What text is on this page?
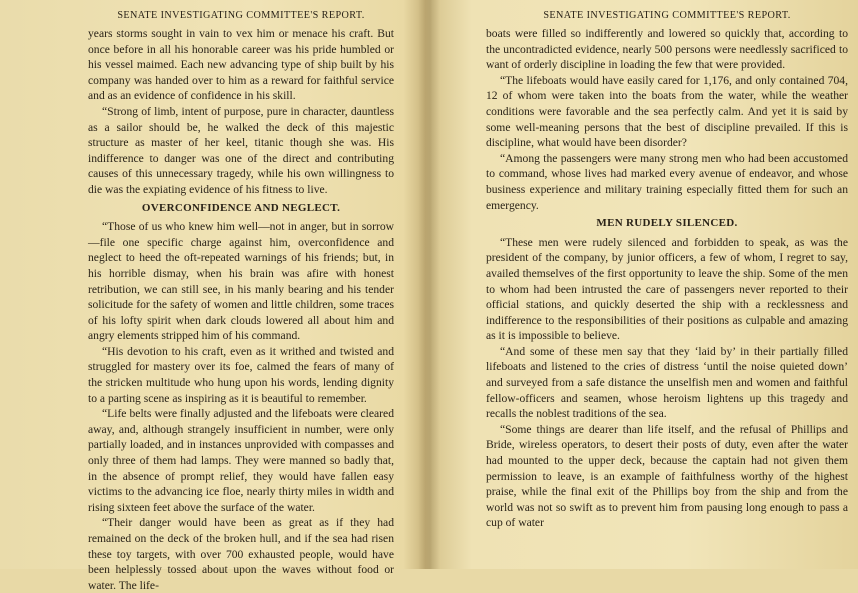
SENATE INVESTIGATING COMMITTEE'S REPORT.

years storms sought in vain to vex him or menace his craft. But once before in all his honorable career was his pride humbled or his vessel maimed. Each new advancing type of ship built by his company was handed over to him as a reward for faithful service and as an evidence of confidence in his skill.

“Strong of limb, intent of purpose, pure in character, dauntless as a sailor should be, he walked the deck of this majestic structure as master of her keel, titanic though she was. His indifference to danger was one of the direct and contributing causes of this unnecessary tragedy, while his own willingness to die was the expiating evidence of his fitness to live.

OVERCONFIDENCE AND NEGLECT.

“Those of us who knew him well—not in anger, but in sorrow—file one specific charge against him, overconfidence and neglect to heed the oft-repeated warnings of his friends; but, in his horrible dismay, when his brain was afire with honest retribution, we can still see, in his manly bearing and his tender solicitude for the safety of women and little children, some traces of his lofty spirit when dark clouds lowered all about him and angry elements stripped him of his command.

“His devotion to his craft, even as it writhed and twisted and struggled for mastery over its foe, calmed the fears of many of the stricken multitude who hung upon his words, lending dignity to a parting scene as inspiring as it is beautiful to remember.

“Life belts were finally adjusted and the lifeboats were cleared away, and, although strangely insufficient in number, were only partially loaded, and in instances unprovided with compasses and only three of them had lamps. They were manned so badly that, in the absence of prompt relief, they would have fallen easy victims to the advancing ice floe, nearly thirty miles in width and rising sixteen feet above the surface of the water.

“Their danger would have been as great as if they had remained on the deck of the broken hull, and if the sea had risen these toy targets, with over 700 exhausted people, would have been helplessly tossed about upon the waves without food or water. The life-

SENATE INVESTIGATING COMMITTEE'S REPORT.

boats were filled so indifferently and lowered so quickly that, according to the uncontradicted evidence, nearly 500 persons were needlessly sacrificed to want of orderly discipline in loading the few that were provided.

“The lifeboats would have easily cared for 1,176, and only contained 704, 12 of whom were taken into the boats from the water, while the weather conditions were favorable and the sea perfectly calm. And yet it is said by some well-meaning persons that the best of discipline prevailed. If this is discipline, what would have been disorder?

“Among the passengers were many strong men who had been accustomed to command, whose lives had marked every avenue of endeavor, and whose business experience and military training especially fitted them for such an emergency.

MEN RUDELY SILENCED.

“These men were rudely silenced and forbidden to speak, as was the president of the company, by junior officers, a few of whom, I regret to say, availed themselves of the first opportunity to leave the ship. Some of the men to whom had been intrusted the care of passengers never reported to their official stations, and quickly deserted the ship with a recklessness and indifference to the responsibilities of their positions as culpable and amazing as it is impossible to believe.

“And some of these men say that they ‘laid by’ in their partially filled lifeboats and listened to the cries of distress ‘until the noise quieted down’ and surveyed from a safe distance the unselfish men and women and faithful fellow-officers and seamen, whose heroism lightens up this tragedy and recalls the noblest traditions of the sea.

“Some things are dearer than life itself, and the refusal of Phillips and Bride, wireless operators, to desert their posts of duty, even after the water had mounted to the upper deck, because the captain had not given them permission to leave, is an example of faithfulness worthy of the highest praise, while the final exit of the Phillips boy from the ship and from the world was not so swift as to prevent him from pausing long enough to pass a cup of water
